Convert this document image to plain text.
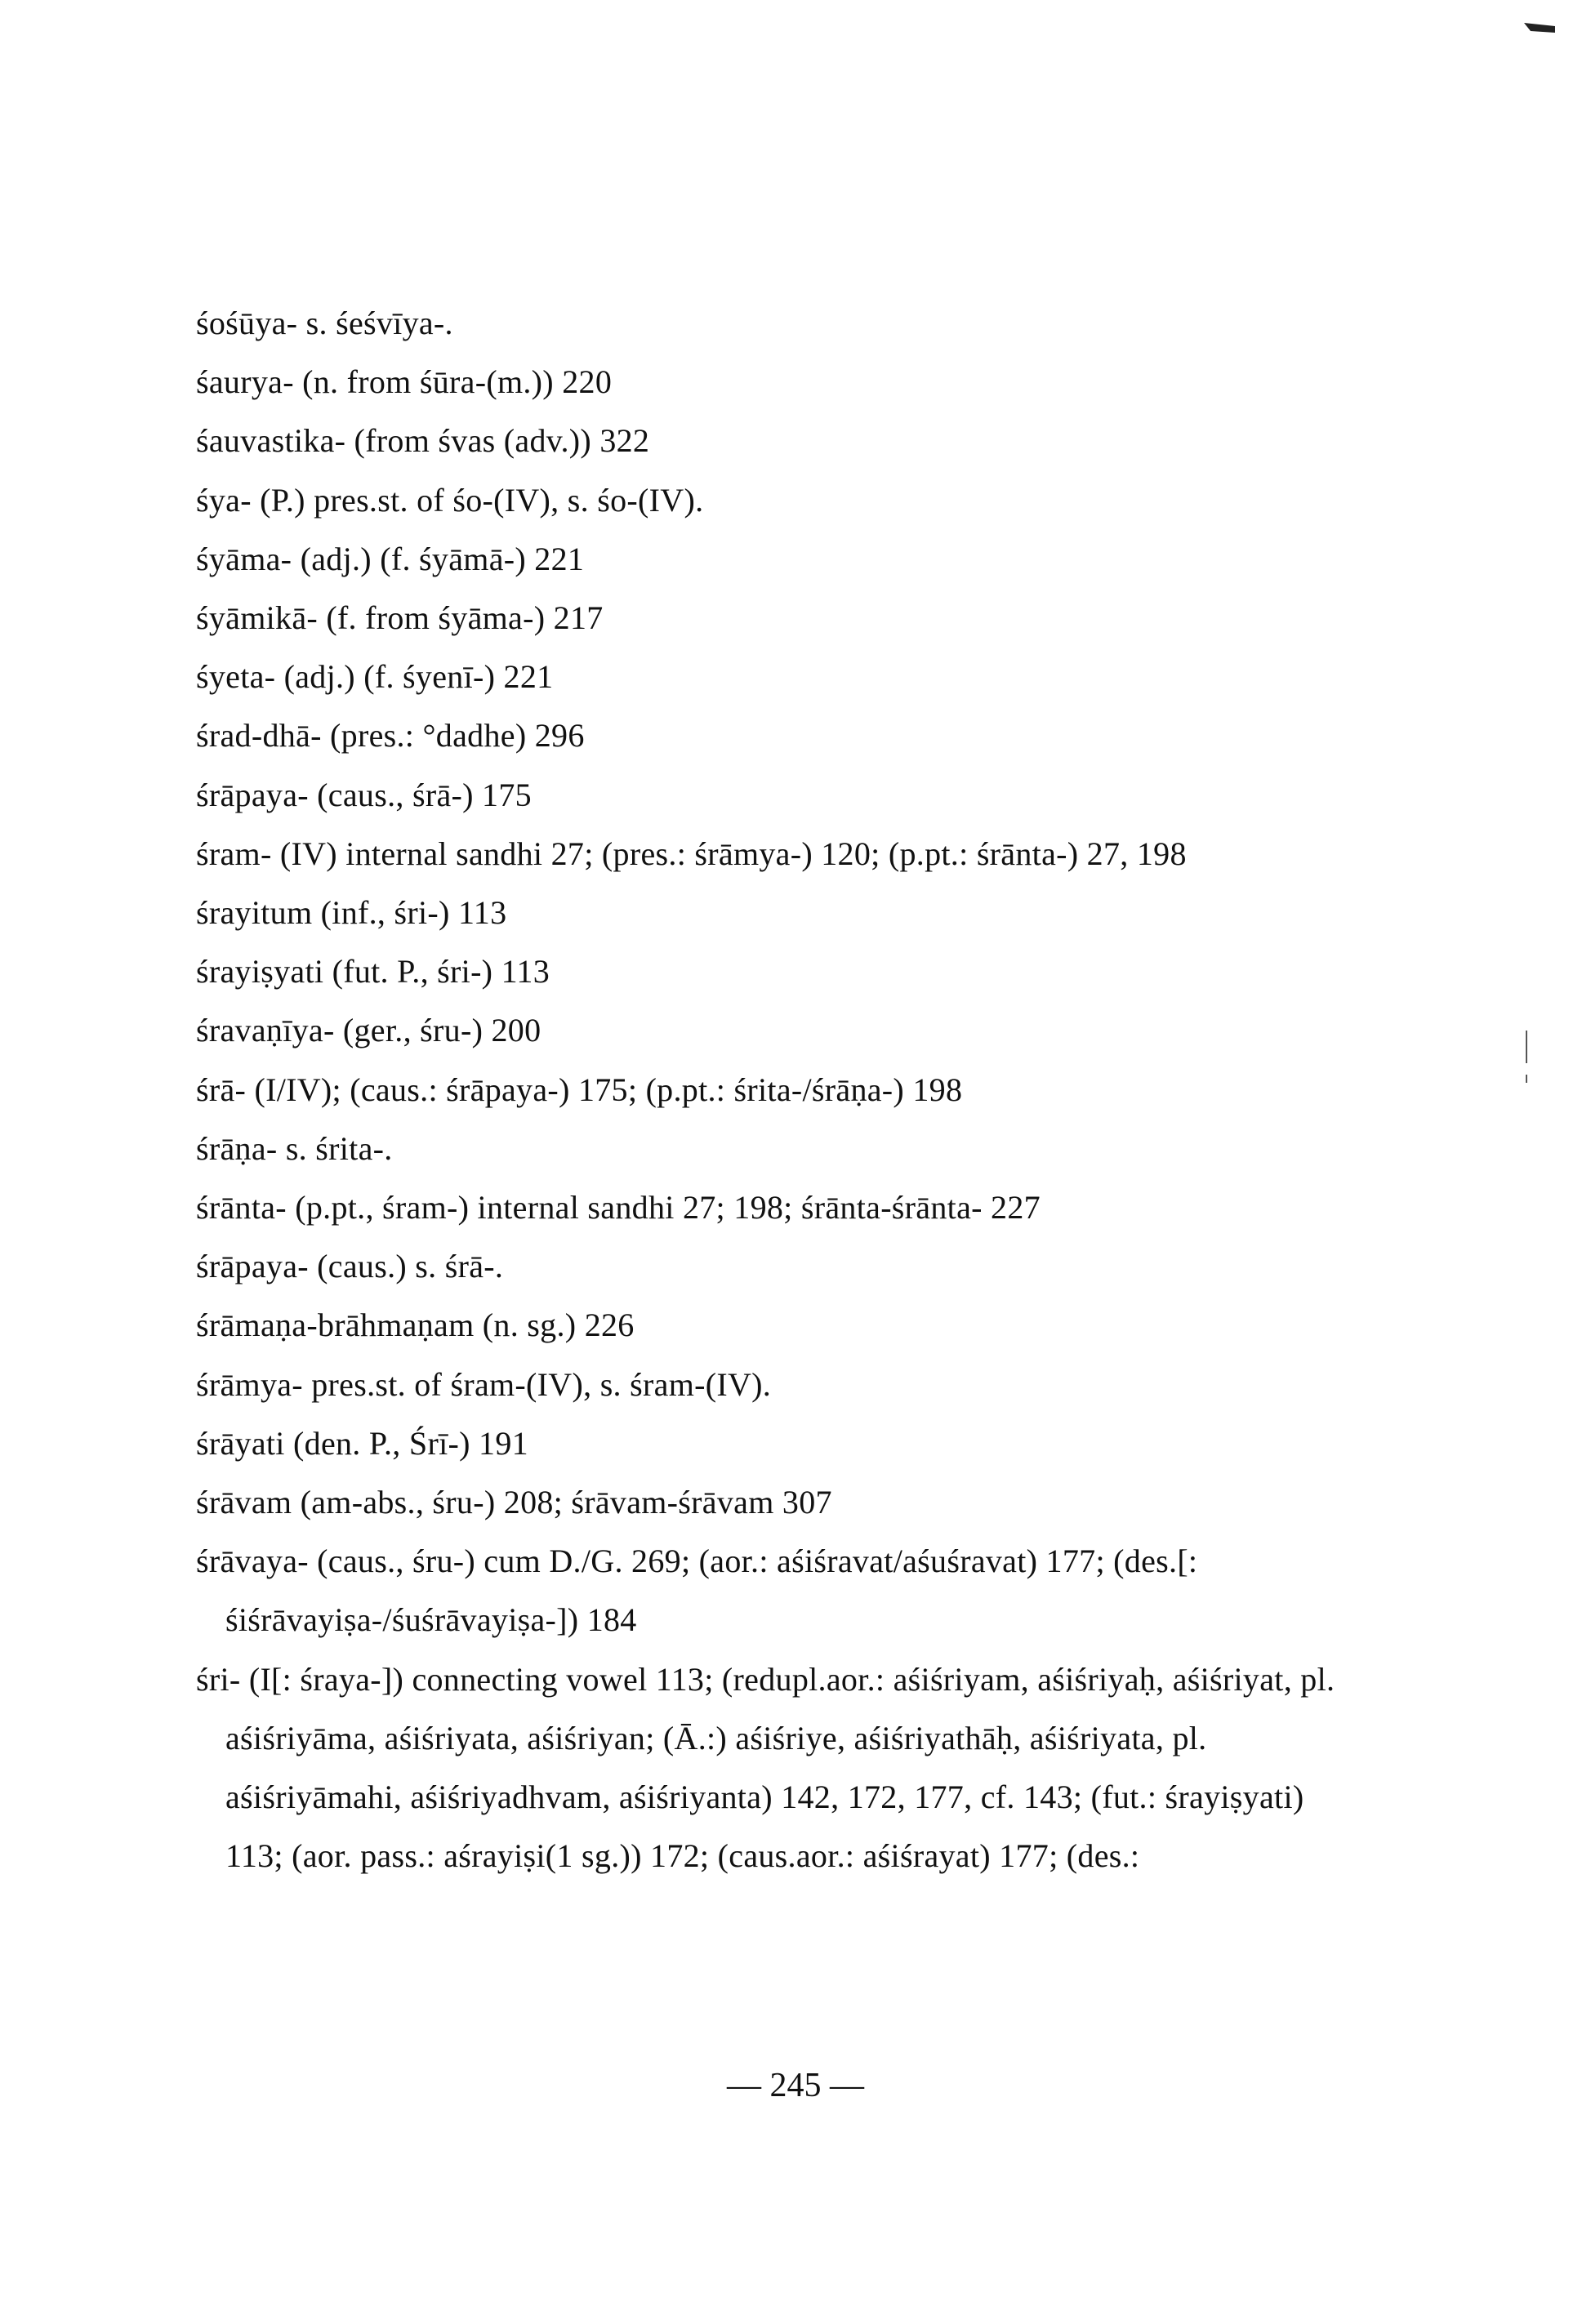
śośūya- s. śeśvīya-.
śaurya- (n. from śūra-(m.)) 220
śauvastika- (from śvas (adv.)) 322
śya- (P.) pres.st. of śo-(IV), s. śo-(IV).
śyāma- (adj.) (f. śyāmā-) 221
śyāmikā- (f. from śyāma-) 217
śyeta- (adj.) (f. śyenī-) 221
śrad-dhā- (pres.: °dadhe) 296
śrāpaya- (caus., śrā-) 175
śram- (IV) internal sandhi 27; (pres.: śrāmya-) 120; (p.pt.: śrānta-) 27, 198
śrayitum (inf., śri-) 113
śrayiṣyati (fut. P., śri-) 113
śravaṇīya- (ger., śru-) 200
śrā- (I/IV); (caus.: śrāpaya-) 175; (p.pt.: śrita-/śrāṇa-) 198
śrāṇa- s. śrita-.
śrānta- (p.pt., śram-) internal sandhi 27; 198; śrānta-śrānta- 227
śrāpaya- (caus.) s. śrā-.
śrāmaṇa-brāhmaṇam (n. sg.) 226
śrāmya- pres.st. of śram-(IV), s. śram-(IV).
śrāyati (den. P., Śrī-) 191
śrāvam (am-abs., śru-) 208; śrāvam-śrāvam 307
śrāvaya- (caus., śru-) cum D./G. 269; (aor.: aśiśravat/aśuśravat) 177; (des.[: śiśrāvayiṣa-/śuśrāvayiṣa-]) 184
śri- (I[: śraya-]) connecting vowel 113; (redupl.aor.: aśiśriyam, aśiśriyaḥ, aśiśriyat, pl. aśiśriyāma, aśiśriyata, aśiśriyan; (Ā.:) aśiśriye, aśiśriyathāḥ, aśiśriyata, pl. aśiśriyāmahi, aśiśriyadhvam, aśiśriyanta) 142, 172, 177, cf. 143; (fut.: śrayiṣyati) 113; (aor. pass.: aśrayiṣi(1 sg.)) 172; (caus.aor.: aśiśrayat) 177; (des.:
— 245 —
